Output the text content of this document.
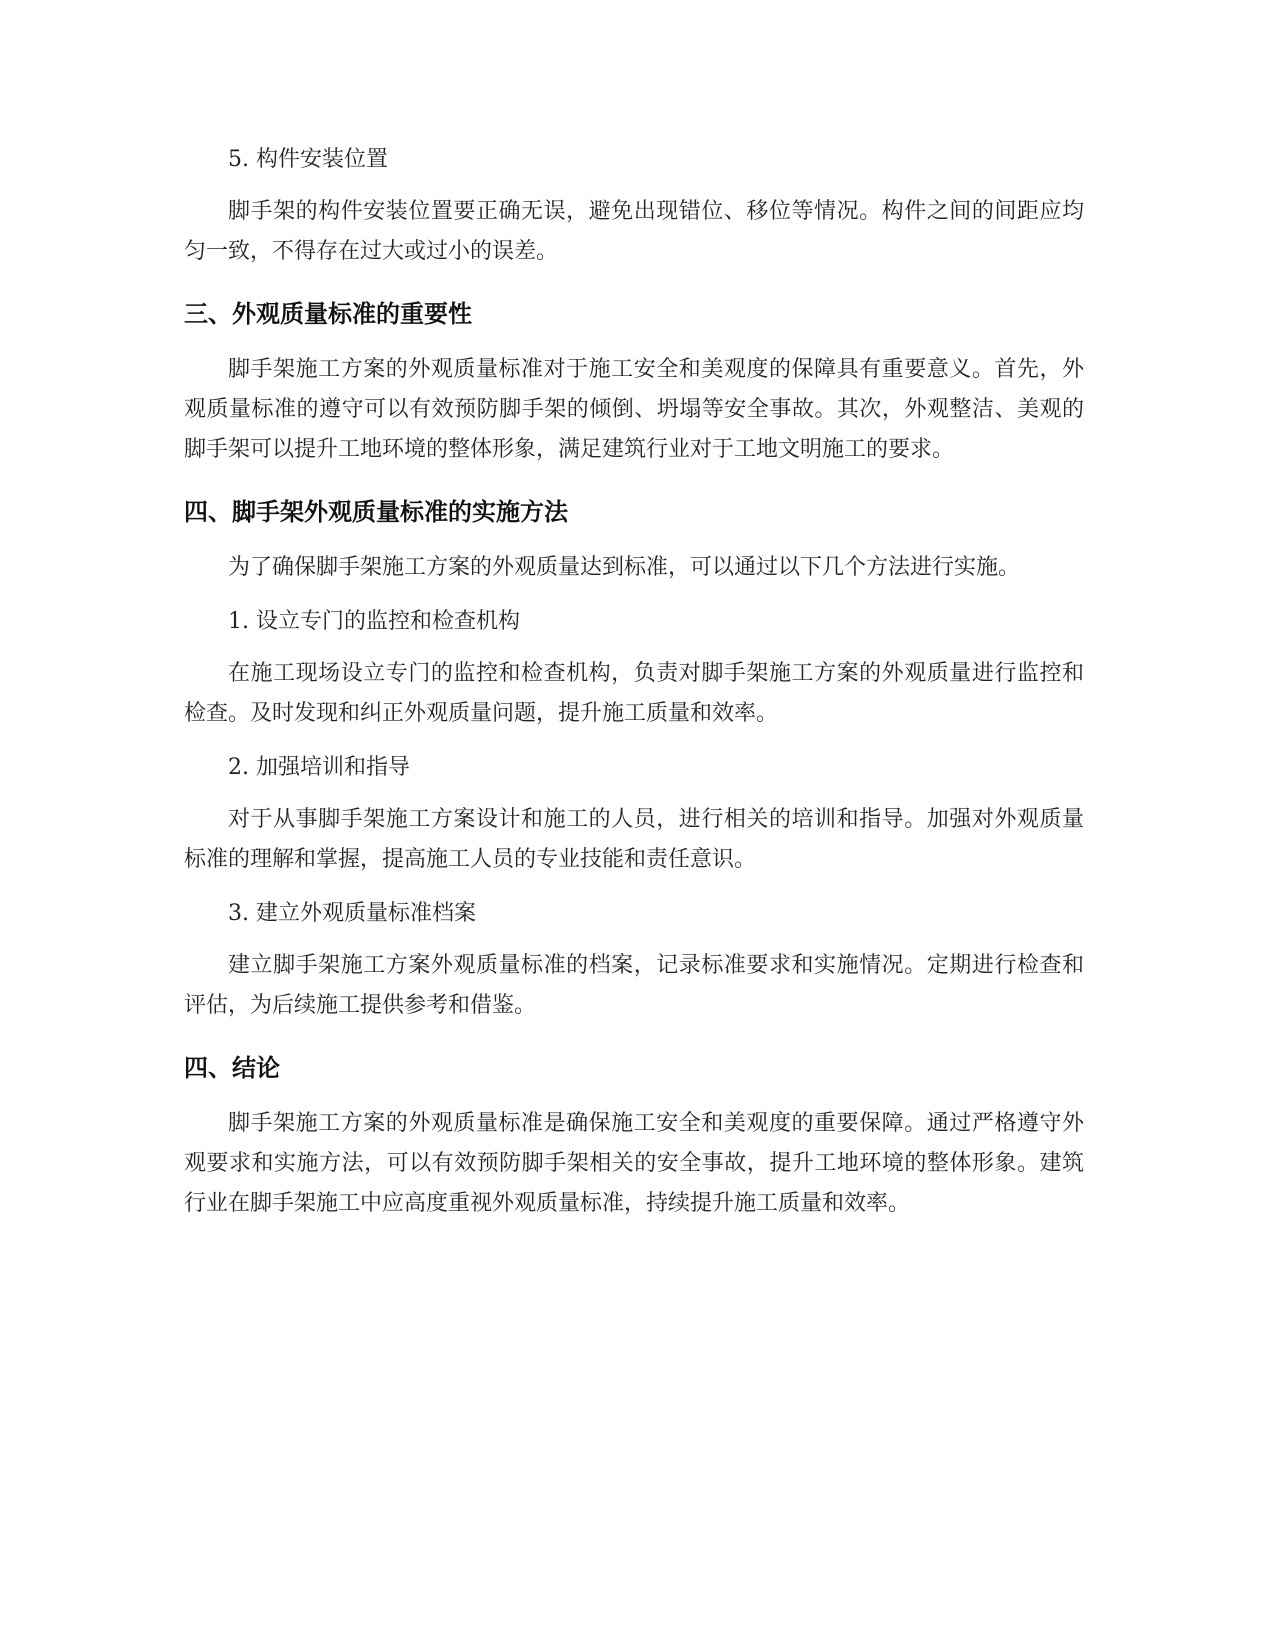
5. 构件安装位置

脚手架的构件安装位置要正确无误，避免出现错位、移位等情况。构件之间的间距应均匀一致，不得存在过大或过小的误差。

三、外观质量标准的重要性

脚手架施工方案的外观质量标准对于施工安全和美观度的保障具有重要意义。首先，外观质量标准的遵守可以有效预防脚手架的倾倒、坍塌等安全事故。其次，外观整洁、美观的脚手架可以提升工地环境的整体形象，满足建筑行业对于工地文明施工的要求。

四、脚手架外观质量标准的实施方法

为了确保脚手架施工方案的外观质量达到标准，可以通过以下几个方法进行实施。

1. 设立专门的监控和检查机构

在施工现场设立专门的监控和检查机构，负责对脚手架施工方案的外观质量进行监控和检查。及时发现和纠正外观质量问题，提升施工质量和效率。

2. 加强培训和指导

对于从事脚手架施工方案设计和施工的人员，进行相关的培训和指导。加强对外观质量标准的理解和掌握，提高施工人员的专业技能和责任意识。

3. 建立外观质量标准档案

建立脚手架施工方案外观质量标准的档案，记录标准要求和实施情况。定期进行检查和评估，为后续施工提供参考和借鉴。

四、结论

脚手架施工方案的外观质量标准是确保施工安全和美观度的重要保障。通过严格遵守外观要求和实施方法，可以有效预防脚手架相关的安全事故，提升工地环境的整体形象。建筑行业在脚手架施工中应高度重视外观质量标准，持续提升施工质量和效率。
